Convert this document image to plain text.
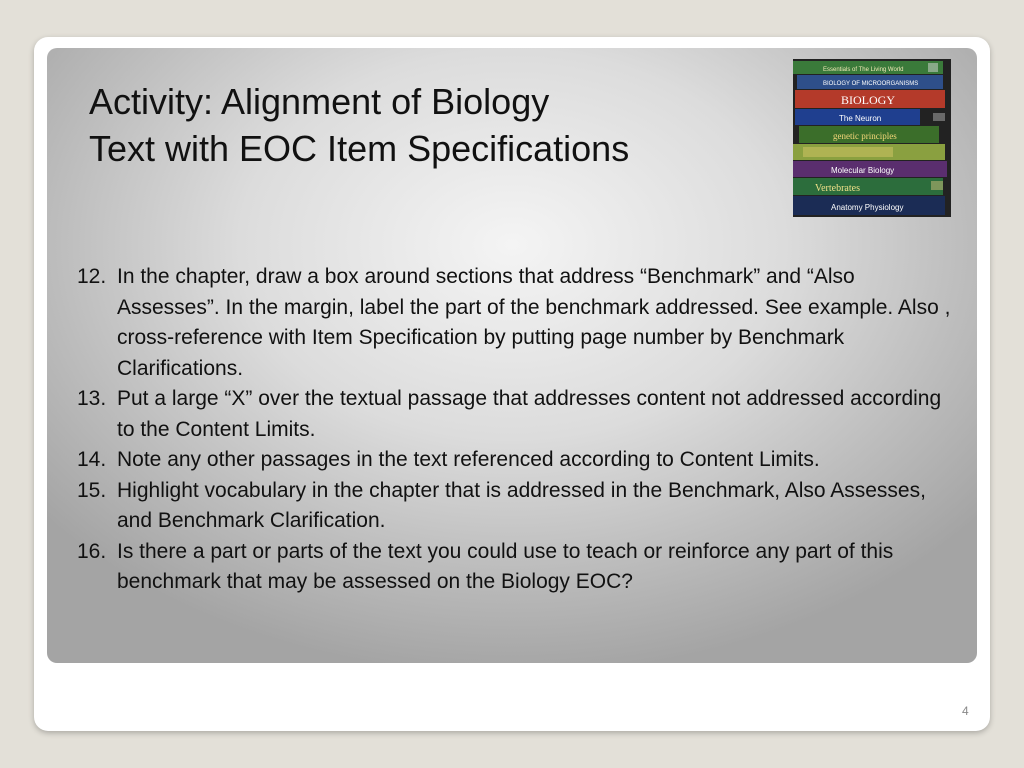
Activity: Alignment of Biology
Text with EOC Item Specifications
Essentials of The Living World
BIOLOGY OF MICROORGANISMS
BIOLOGY
The Neuron
genetic principles
Molecular Biology
Vertebrates
Anatomy Physiology
12. In the chapter, draw a box around sections that address “Benchmark” and “Also Assesses”. In the margin, label the part of the benchmark addressed. See example. Also , cross-reference with Item Specification by putting page number by Benchmark Clarifications.
13. Put a large “X” over the textual passage that addresses content not addressed according to the Content Limits.
14. Note any other passages in the text referenced according to Content Limits.
15. Highlight vocabulary in the chapter that is addressed in the Benchmark, Also Assesses, and Benchmark Clarification.
16. Is there a part or parts of the text you could use to teach or reinforce any part of this benchmark that may be assessed on the Biology EOC?
4
